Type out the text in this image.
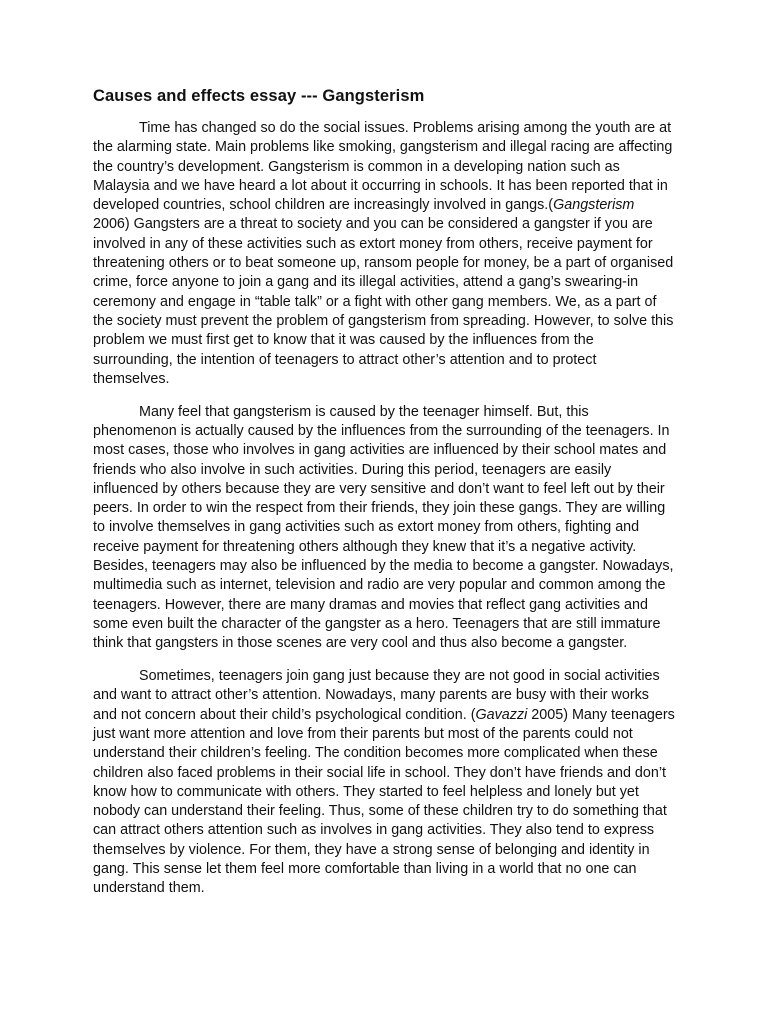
Causes and effects essay --- Gangsterism

Time has changed so do the social issues. Problems arising among the youth are at the alarming state. Main problems like smoking, gangsterism and illegal racing are affecting the country’s development. Gangsterism is common in a developing nation such as Malaysia and we have heard a lot about it occurring in schools. It has been reported that in developed countries, school children are increasingly involved in gangs.(Gangsterism 2006) Gangsters are a threat to society and you can be considered a gangster if you are involved in any of these activities such as extort money from others, receive payment for threatening others or to beat someone up, ransom people for money, be a part of organised crime, force anyone to join a gang and its illegal activities, attend a gang’s swearing-in ceremony and engage in “table talk” or a fight with other gang members. We, as a part of the society must prevent the problem of gangsterism from spreading. However, to solve this problem we must first get to know that it was caused by the influences from the surrounding, the intention of teenagers to attract other’s attention and to protect themselves.

Many feel that gangsterism is caused by the teenager himself. But, this phenomenon is actually caused by the influences from the surrounding of the teenagers. In most cases, those who involves in gang activities are influenced by their school mates and friends who also involve in such activities. During this period, teenagers are easily influenced by others because they are very sensitive and don’t want to feel left out by their peers. In order to win the respect from their friends, they join these gangs. They are willing to involve themselves in gang activities such as extort money from others, fighting and receive payment for threatening others although they knew that it’s a negative activity. Besides, teenagers may also be influenced by the media to become a gangster. Nowadays, multimedia such as internet, television and radio are very popular and common among the teenagers. However, there are many dramas and movies that reflect gang activities and some even built the character of the gangster as a hero. Teenagers that are still immature think that gangsters in those scenes are very cool and thus also become a gangster.

Sometimes, teenagers join gang just because they are not good in social activities and want to attract other’s attention. Nowadays, many parents are busy with their works and not concern about their child’s psychological condition. (Gavazzi 2005) Many teenagers just want more attention and love from their parents but most of the parents could not understand their children’s feeling. The condition becomes more complicated when these children also faced problems in their social life in school. They don’t have friends and don’t know how to communicate with others. They started to feel helpless and lonely but yet nobody can understand their feeling. Thus, some of these children try to do something that can attract others attention such as involves in gang activities. They also tend to express themselves by violence. For them, they have a strong sense of belonging and identity in gang. This sense let them feel more comfortable than living in a world that no one can understand them.
